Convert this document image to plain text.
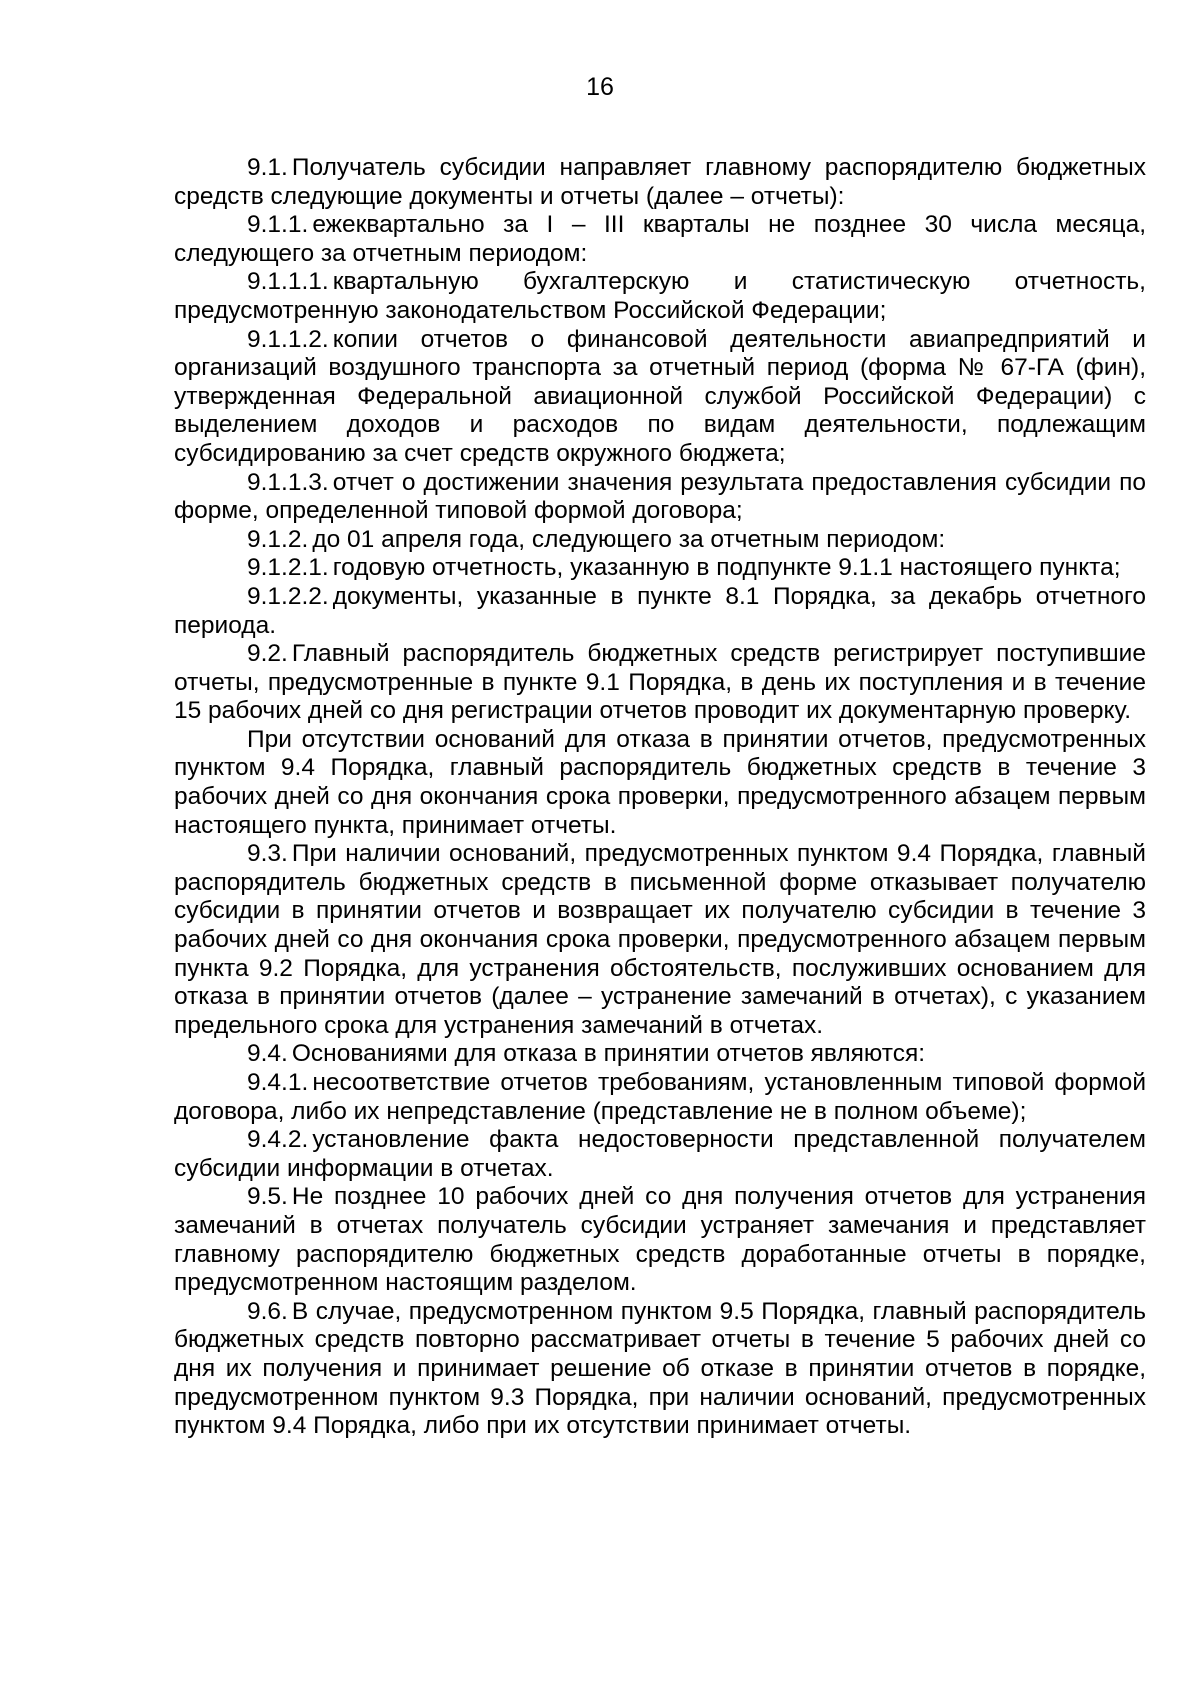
16

9.1. Получатель субсидии направляет главному распорядителю бюджетных средств следующие документы и отчеты (далее – отчеты):

9.1.1. ежеквартально за I – III кварталы не позднее 30 числа месяца, следующего за отчетным периодом:

9.1.1.1. квартальную бухгалтерскую и статистическую отчетность, предусмотренную законодательством Российской Федерации;

9.1.1.2. копии отчетов о финансовой деятельности авиапредприятий и организаций воздушного транспорта за отчетный период (форма № 67-ГА (фин), утвержденная Федеральной авиационной службой Российской Федерации) с выделением доходов и расходов по видам деятельности, подлежащим субсидированию за счет средств окружного бюджета;

9.1.1.3. отчет о достижении значения результата предоставления субсидии по форме, определенной типовой формой договора;

9.1.2. до 01 апреля года, следующего за отчетным периодом:

9.1.2.1. годовую отчетность, указанную в подпункте 9.1.1 настоящего пункта;

9.1.2.2. документы, указанные в пункте 8.1 Порядка, за декабрь отчетного периода.

9.2. Главный распорядитель бюджетных средств регистрирует поступившие отчеты, предусмотренные в пункте 9.1 Порядка, в день их поступления и в течение 15 рабочих дней со дня регистрации отчетов проводит их документарную проверку.

При отсутствии оснований для отказа в принятии отчетов, предусмотренных пунктом 9.4 Порядка, главный распорядитель бюджетных средств в течение 3 рабочих дней со дня окончания срока проверки, предусмотренного абзацем первым настоящего пункта, принимает отчеты.

9.3. При наличии оснований, предусмотренных пунктом 9.4 Порядка, главный распорядитель бюджетных средств в письменной форме отказывает получателю субсидии в принятии отчетов и возвращает их получателю субсидии в течение 3 рабочих дней со дня окончания срока проверки, предусмотренного абзацем первым пункта 9.2 Порядка, для устранения обстоятельств, послуживших основанием для отказа в принятии отчетов (далее – устранение замечаний в отчетах), с указанием предельного срока для устранения замечаний в отчетах.

9.4. Основаниями для отказа в принятии отчетов являются:

9.4.1. несоответствие отчетов требованиям, установленным типовой формой договора, либо их непредставление (представление не в полном объеме);

9.4.2. установление факта недостоверности представленной получателем субсидии информации в отчетах.

9.5. Не позднее 10 рабочих дней со дня получения отчетов для устранения замечаний в отчетах получатель субсидии устраняет замечания и представляет главному распорядителю бюджетных средств доработанные отчеты в порядке, предусмотренном настоящим разделом.

9.6. В случае, предусмотренном пунктом 9.5 Порядка, главный распорядитель бюджетных средств повторно рассматривает отчеты в течение 5 рабочих дней со дня их получения и принимает решение об отказе в принятии отчетов в порядке, предусмотренном пунктом 9.3 Порядка, при наличии оснований, предусмотренных пунктом 9.4 Порядка, либо при их отсутствии принимает отчеты.
